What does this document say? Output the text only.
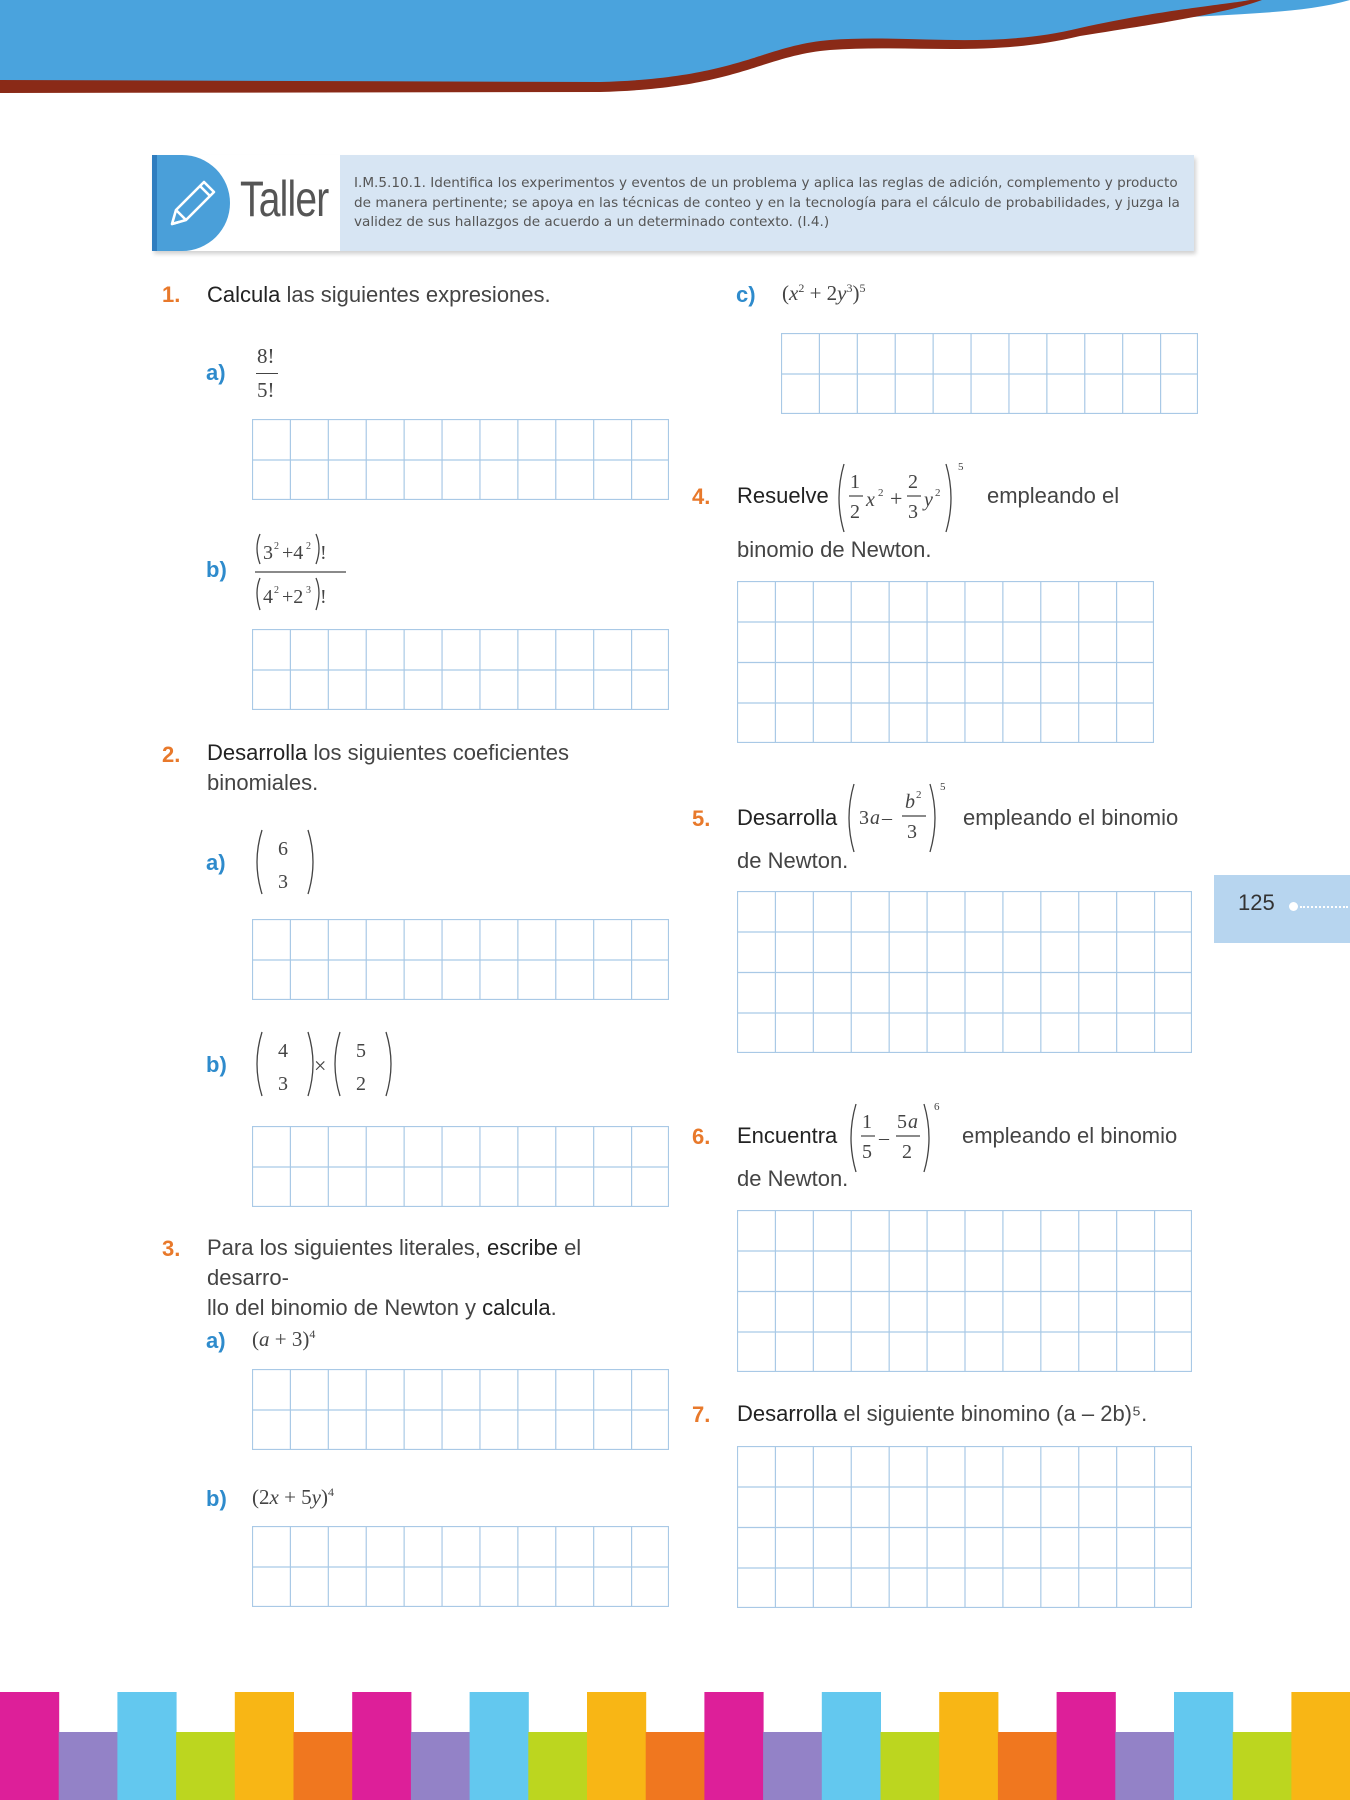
Taller I.M.5.10.1. Identifica los experimentos y eventos de un problema y aplica las reglas de adición, complemento y producto de manera pertinente; se apoya en las técnicas de conteo y en la tecnología para el cálculo de probabilidades, y juzga la validez de sus hallazgos de acuerdo a un determinado contexto. (I.4.)
1. Calcula las siguientes expresiones.
a)
8!
5!
b)
3 2 +4 2 !
4 2 +2 3 !
2. Desarrolla los siguientes coeficientes binomiales.
a)
6
3
b)
4
3
×
5
2
3. Para los siguientes literales, escribe el desarro-
llo del binomio de Newton y calcula.
a) $(a + 3)^4$
b) $(2x + 5y)^4$
c) $(x^2 + 2y^3)^5$
4. Resuelve
1
2
x 2 +
2
3
y 2
5
empleando el
binomio de Newton.
5. Desarrolla 3 a –
b 2
3
5
empleando el binomio
de Newton.
6. Encuentra
1
5
–
5 a
2
6
empleando el binomio
de Newton.
7. Desarrolla el siguiente binomino (a – 2b)⁵.
125
